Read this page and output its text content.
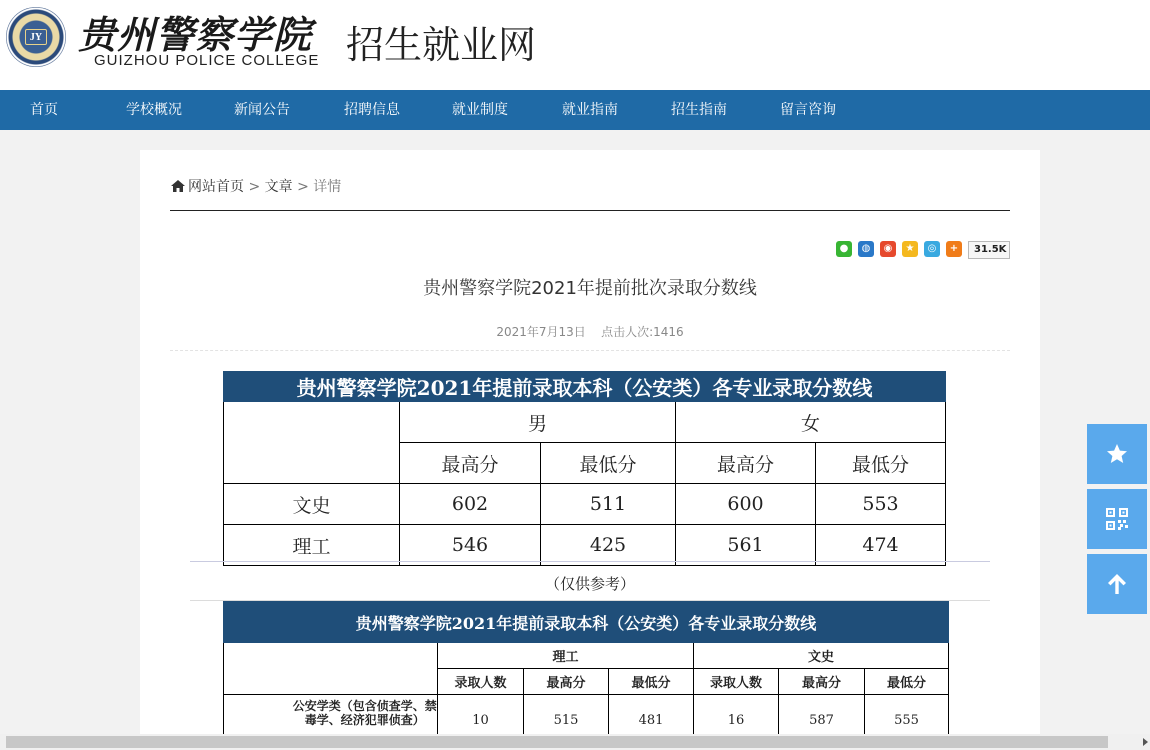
JY 贵州警察学院
GUIZHOU POLICE COLLEGE 招生就业网
首页	学校概况	新闻公告	招聘信息	就业制度	就业指南	招生指南	留言咨询
网站首页 > 文章 > 详情
●	◍	◉	★	◎	+	31.5K
贵州警察学院2021年提前批次录取分数线
2021年7月13日 点击人次:1416
贵州警察学院2021年提前录取本科（公安类）各专业录取分数线				
	男		女	
	最高分	最低分	最高分	最低分
文史	602	511	600	553
理工	546	425	561	474
（仅供参考）
贵州警察学院2021年提前录取本科（公安类）各专业录取分数线							
		理工			文史		
		录取人数	最高分	最低分	录取人数	最高分	最低分
	公安学类（包含侦查学、禁毒学、经济犯罪侦查）	10	515	481	16	587	555
